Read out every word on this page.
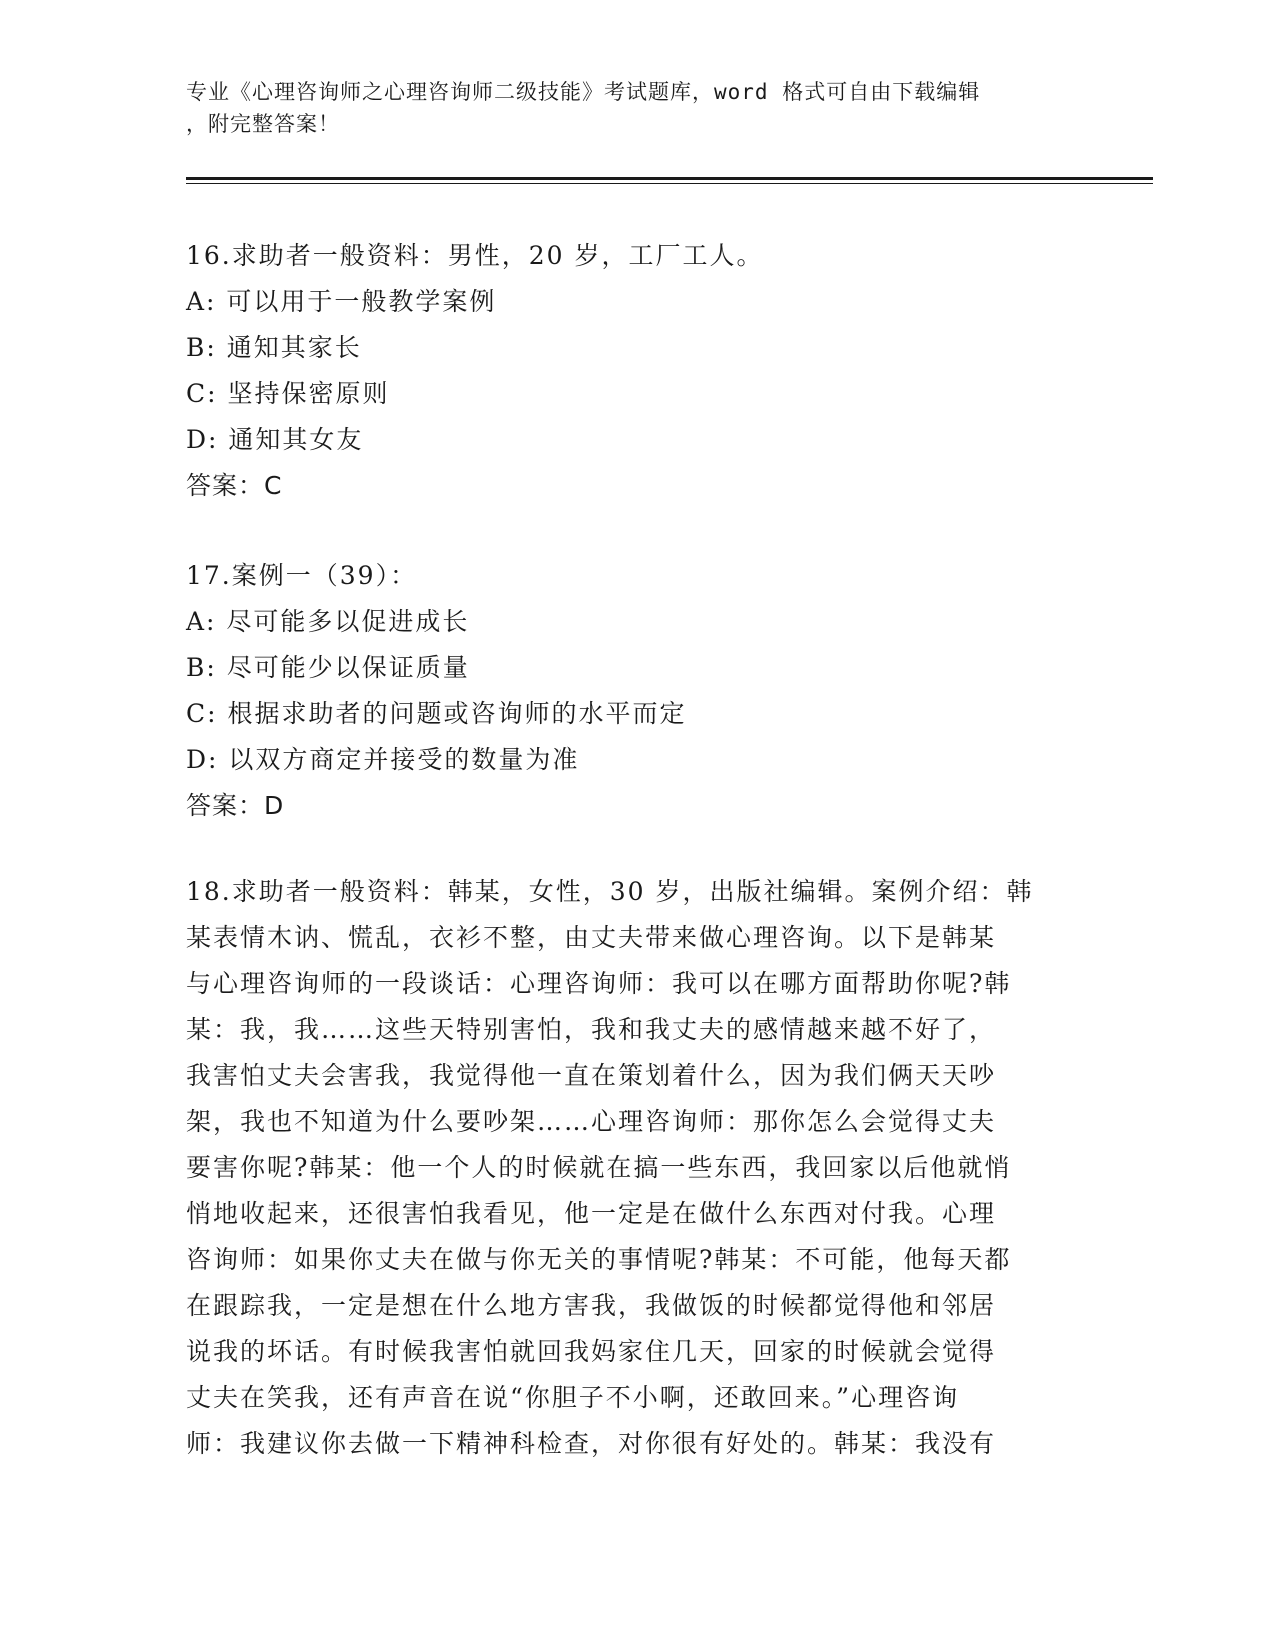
专业《心理咨询师之心理咨询师二级技能》考试题库，word 格式可自由下载编辑
，附完整答案！
16.求助者一般资料：男性，20 岁，工厂工人。
A: 可以用于一般教学案例
B: 通知其家长
C: 坚持保密原则
D: 通知其女友
答案：C
17.案例一（39）：
A: 尽可能多以促进成长
B: 尽可能少以保证质量
C: 根据求助者的问题或咨询师的水平而定
D: 以双方商定并接受的数量为准
答案：D
18.求助者一般资料：韩某，女性，30 岁，出版社编辑。案例介绍：韩
某表情木讷、慌乱，衣衫不整，由丈夫带来做心理咨询。以下是韩某
与心理咨询师的一段谈话：心理咨询师：我可以在哪方面帮助你呢?韩
某：我，我……这些天特别害怕，我和我丈夫的感情越来越不好了，
我害怕丈夫会害我，我觉得他一直在策划着什么，因为我们俩天天吵
架，我也不知道为什么要吵架……心理咨询师：那你怎么会觉得丈夫
要害你呢?韩某：他一个人的时候就在搞一些东西，我回家以后他就悄
悄地收起来，还很害怕我看见，他一定是在做什么东西对付我。心理
咨询师：如果你丈夫在做与你无关的事情呢?韩某：不可能，他每天都
在跟踪我，一定是想在什么地方害我，我做饭的时候都觉得他和邻居
说我的坏话。有时候我害怕就回我妈家住几天，回家的时候就会觉得
丈夫在笑我，还有声音在说“你胆子不小啊，还敢回来。”心理咨询
师：我建议你去做一下精神科检查，对你很有好处的。韩某：我没有
